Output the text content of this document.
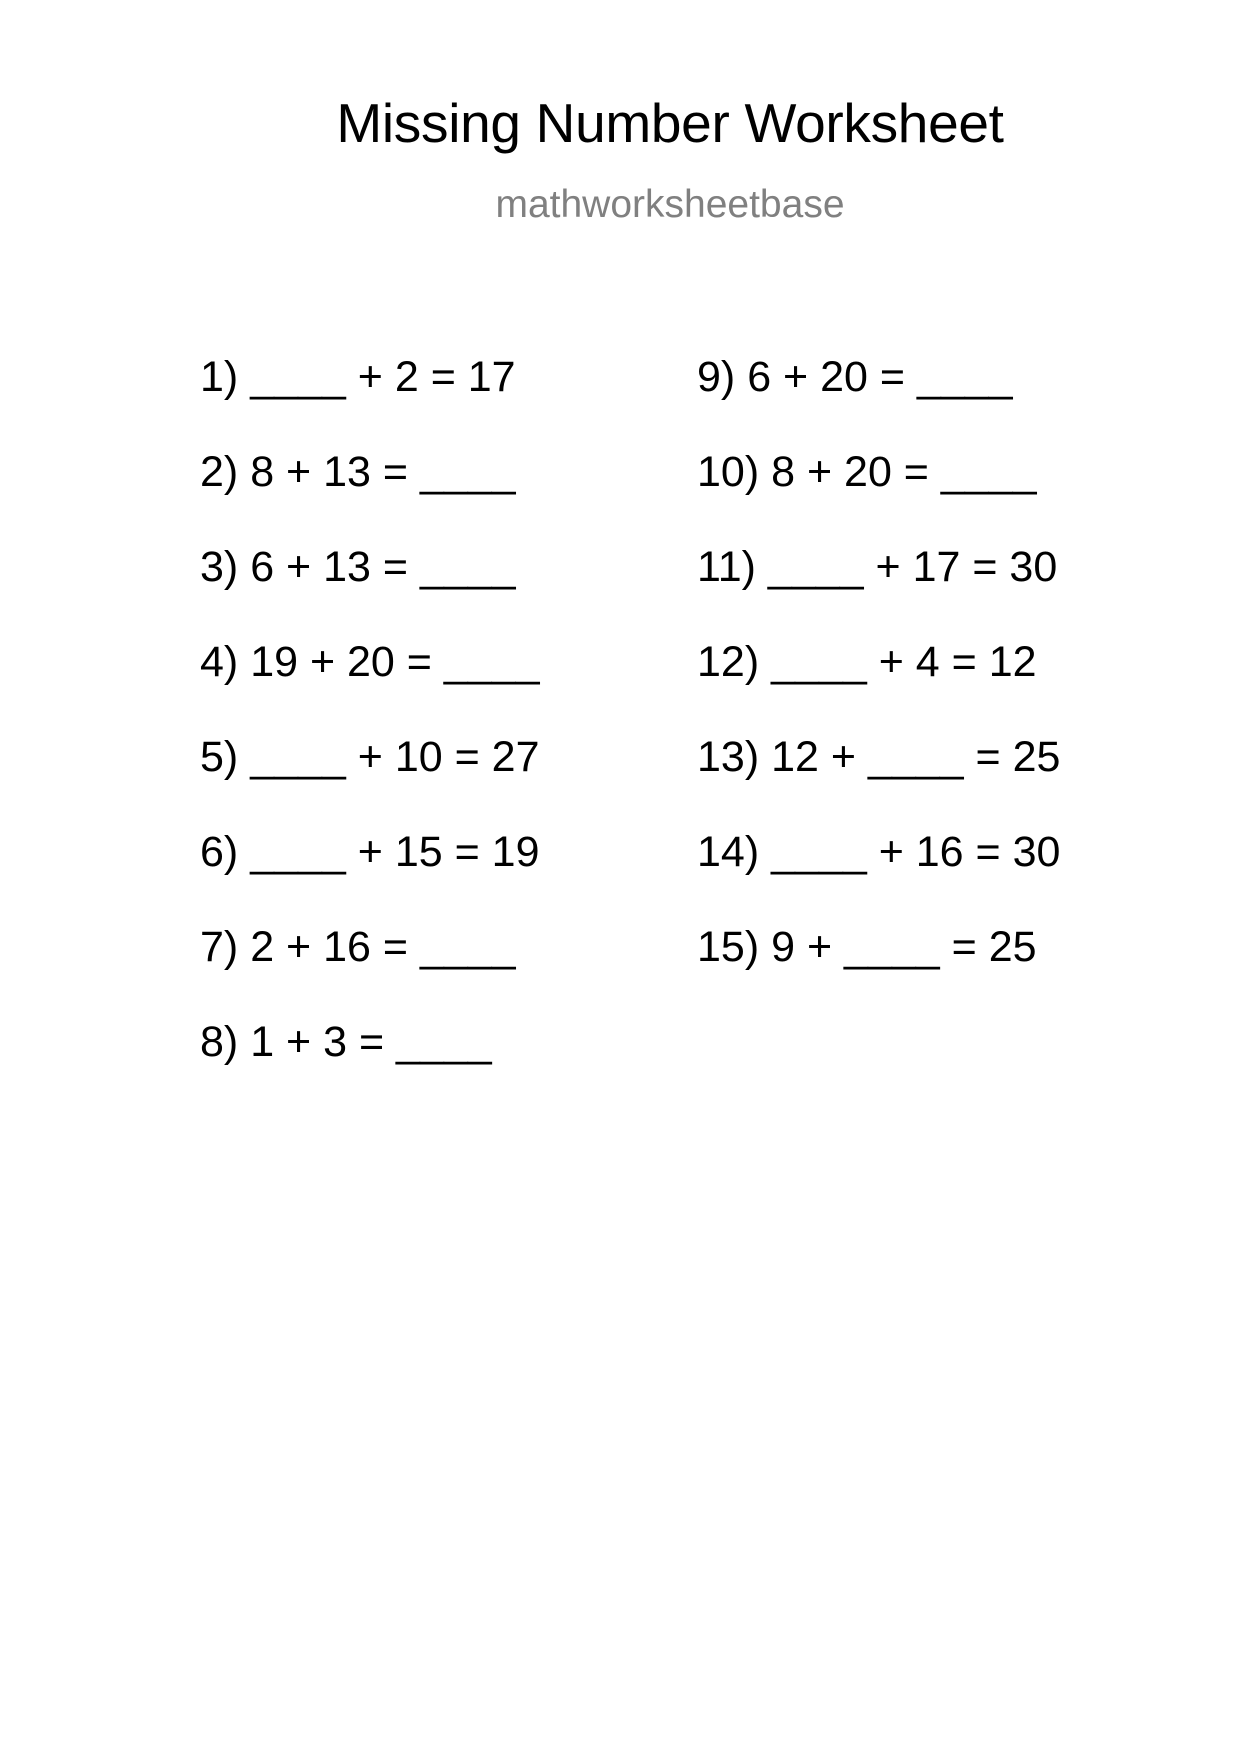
Missing Number Worksheet
mathworksheetbase
1) ____ + 2 = 17
2) 8 + 13 = ____
3) 6 + 13 = ____
4) 19 + 20 = ____
5) ____ + 10 = 27
6) ____ + 15 = 19
7) 2 + 16 = ____
8) 1 + 3 = ____
9) 6 + 20 = ____
10) 8 + 20 = ____
11) ____ + 17 = 30
12) ____ + 4 = 12
13) 12 + ____ = 25
14) ____ + 16 = 30
15) 9 + ____ = 25
